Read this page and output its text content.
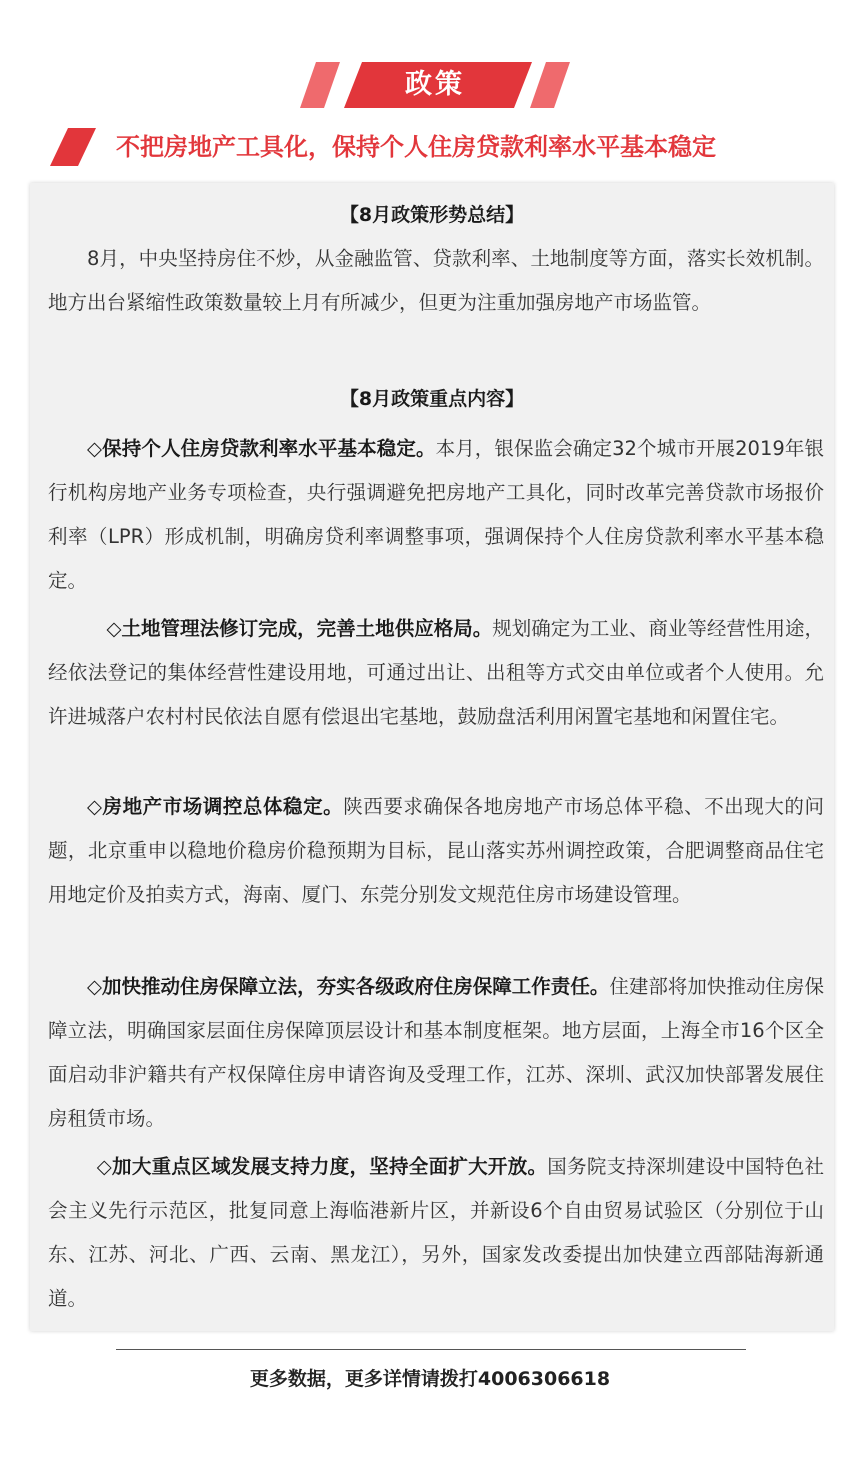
政策
不把房地产工具化，保持个人住房贷款利率水平基本稳定
【8月政策形势总结】

8月，中央坚持房住不炒，从金融监管、贷款利率、土地制度等方面，落实长效机制。地方出台紧缩性政策数量较上月有所减少，但更为注重加强房地产市场监管。

【8月政策重点内容】

◇保持个人住房贷款利率水平基本稳定。本月，银保监会确定32个城市开展2019年银行机构房地产业务专项检查，央行强调避免把房地产工具化，同时改革完善贷款市场报价利率（LPR）形成机制，明确房贷利率调整事项，强调保持个人住房贷款利率水平基本稳定。

◇土地管理法修订完成，完善土地供应格局。规划确定为工业、商业等经营性用途，经依法登记的集体经营性建设用地，可通过出让、出租等方式交由单位或者个人使用。允许进城落户农村村民依法自愿有偿退出宅基地，鼓励盘活利用闲置宅基地和闲置住宅。

◇房地产市场调控总体稳定。陕西要求确保各地房地产市场总体平稳、不出现大的问题，北京重申以稳地价稳房价稳预期为目标，昆山落实苏州调控政策，合肥调整商品住宅用地定价及拍卖方式，海南、厦门、东莞分别发文规范住房市场建设管理。

◇加快推动住房保障立法，夯实各级政府住房保障工作责任。住建部将加快推动住房保障立法，明确国家层面住房保障顶层设计和基本制度框架。地方层面，上海全市16个区全面启动非沪籍共有产权保障住房申请咨询及受理工作，江苏、深圳、武汉加快部署发展住房租赁市场。

◇加大重点区域发展支持力度，坚持全面扩大开放。国务院支持深圳建设中国特色社会主义先行示范区，批复同意上海临港新片区，并新设6个自由贸易试验区（分别位于山东、江苏、河北、广西、云南、黑龙江），另外，国家发改委提出加快建立西部陆海新通道。

更多数据，更多详情请拨打4006306618
